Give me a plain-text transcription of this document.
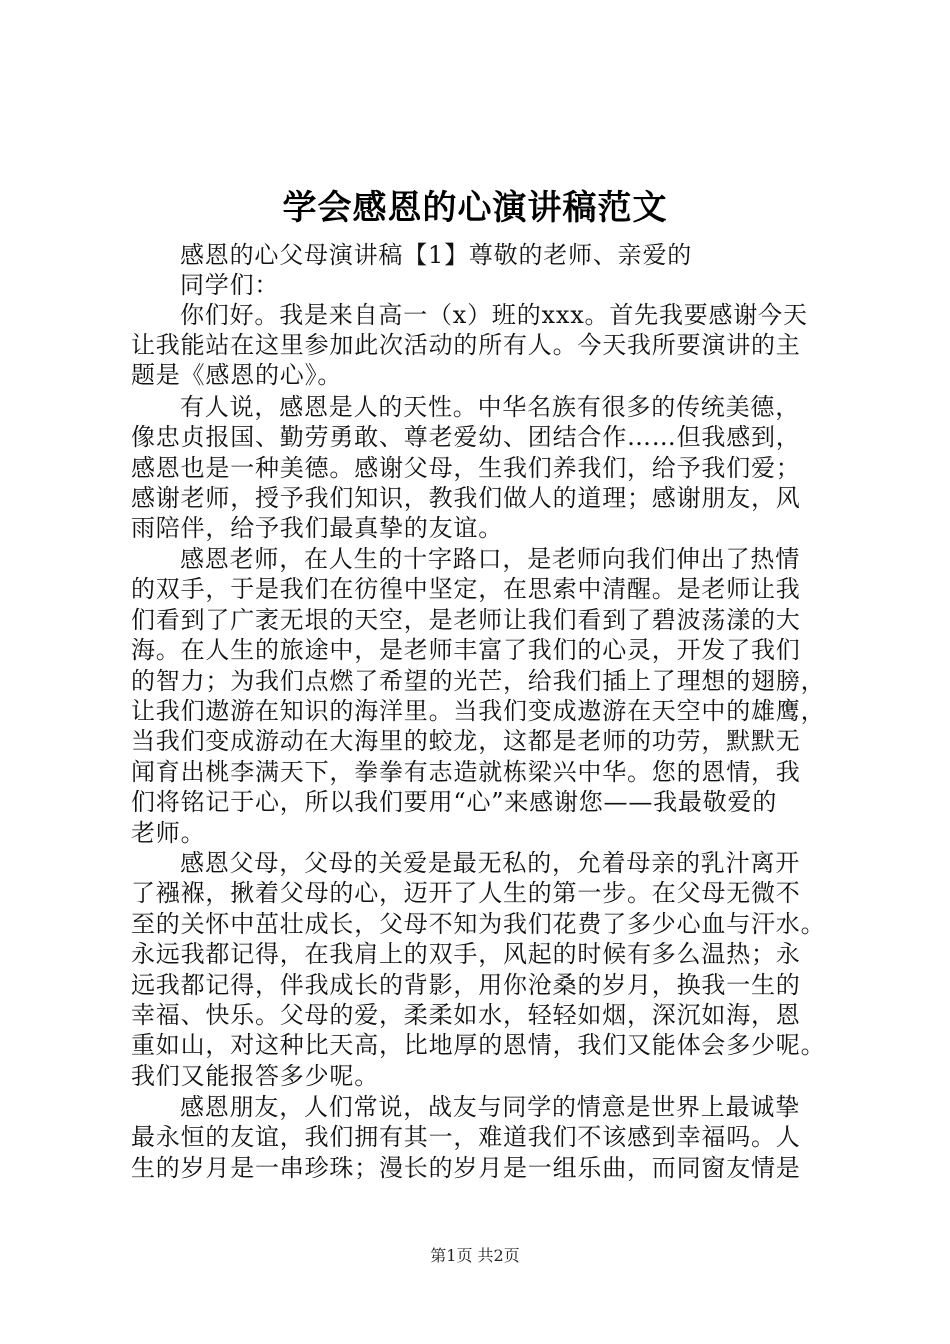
学会感恩的心演讲稿范文
感恩的心父母演讲稿【1】尊敬的老师、亲爱的
同学们：
你们好。我是来自高一（x）班的xxx。首先我要感谢今天
让我能站在这里参加此次活动的所有人。今天我所要演讲的主
题是《感恩的心》。
有人说，感恩是人的天性。中华名族有很多的传统美德，
像忠贞报国、勤劳勇敢、尊老爱幼、团结合作……但我感到，
感恩也是一种美德。感谢父母，生我们养我们，给予我们爱；
感谢老师，授予我们知识，教我们做人的道理；感谢朋友，风
雨陪伴，给予我们最真挚的友谊。
感恩老师，在人生的十字路口，是老师向我们伸出了热情
的双手，于是我们在彷徨中坚定，在思索中清醒。是老师让我
们看到了广袤无垠的天空，是老师让我们看到了碧波荡漾的大
海。在人生的旅途中，是老师丰富了我们的心灵，开发了我们
的智力；为我们点燃了希望的光芒，给我们插上了理想的翅膀，
让我们遨游在知识的海洋里。当我们变成遨游在天空中的雄鹰，
当我们变成游动在大海里的蛟龙，这都是老师的功劳，默默无
闻育出桃李满天下，拳拳有志造就栋梁兴中华。您的恩情，我
们将铭记于心，所以我们要用“心”来感谢您——我最敬爱的
老师。
感恩父母，父母的关爱是最无私的，允着母亲的乳汁离开
了襁褓，揪着父母的心，迈开了人生的第一步。在父母无微不
至的关怀中茁壮成长，父母不知为我们花费了多少心血与汗水。
永远我都记得，在我肩上的双手，风起的时候有多么温热；永
远我都记得，伴我成长的背影，用你沧桑的岁月，换我一生的
幸福、快乐。父母的爱，柔柔如水，轻轻如烟，深沉如海，恩
重如山，对这种比天高，比地厚的恩情，我们又能体会多少呢。
我们又能报答多少呢。
感恩朋友，人们常说，战友与同学的情意是世界上最诚挚
最永恒的友谊，我们拥有其一，难道我们不该感到幸福吗。人
生的岁月是一串珍珠；漫长的岁月是一组乐曲，而同窗友情是
第1页 共2页
